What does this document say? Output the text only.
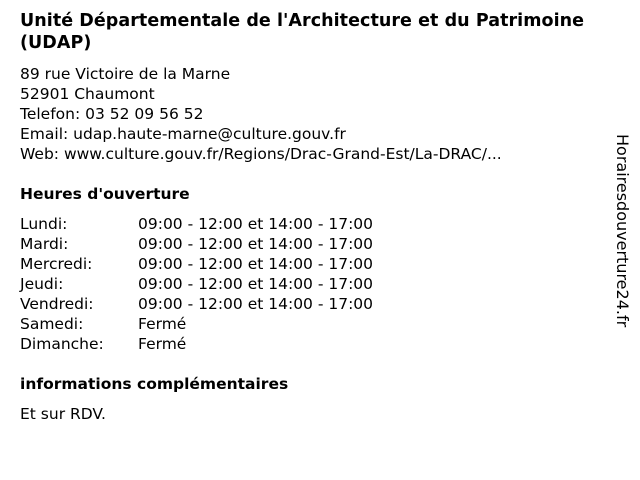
Unité Départementale de l'Architecture et du Patrimoine (UDAP)
89 rue Victoire de la Marne
52901 Chaumont
Telefon: 03 52 09 56 52
Email: udap.haute-marne@culture.gouv.fr
Web: www.culture.gouv.fr/Regions/Drac-Grand-Est/La-DRAC/...
Heures d'ouverture
Lundi:	09:00 - 12:00 et 14:00 - 17:00
Mardi:	09:00 - 12:00 et 14:00 - 17:00
Mercredi:	09:00 - 12:00 et 14:00 - 17:00
Jeudi:	09:00 - 12:00 et 14:00 - 17:00
Vendredi:	09:00 - 12:00 et 14:00 - 17:00
Samedi:	Fermé
Dimanche:	Fermé
informations complémentaires
Et sur RDV.
Horairesdouverture24.fr
